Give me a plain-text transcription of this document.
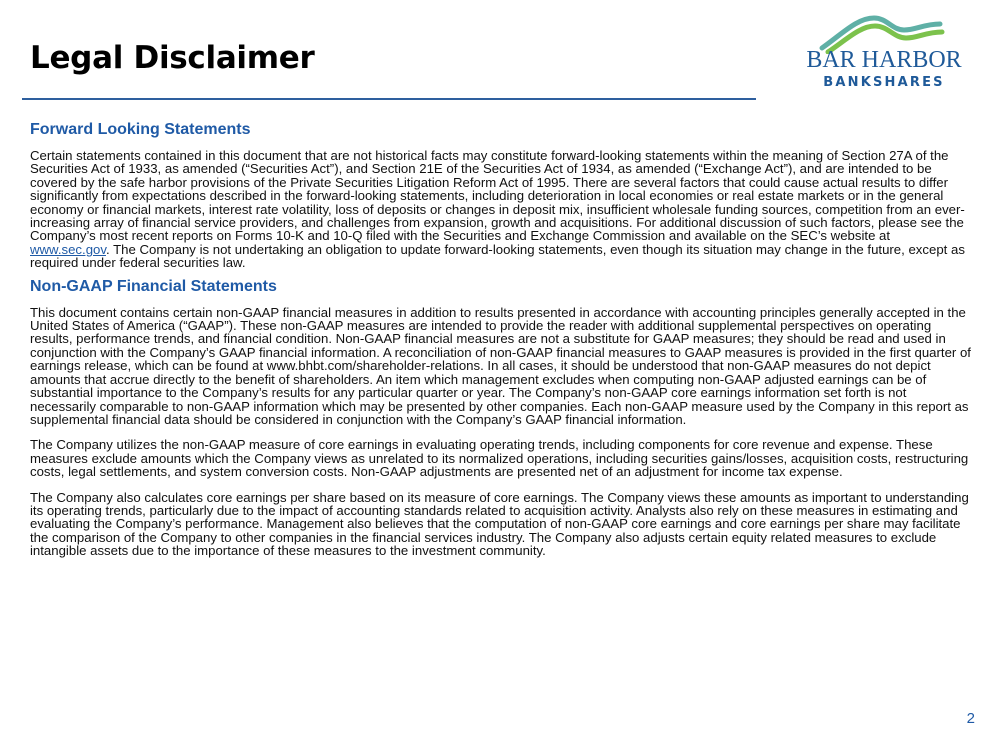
Legal Disclaimer	BAR HARBOR
BANKSHARES
Forward Looking Statements

Certain statements contained in this document that are not historical facts may constitute forward-looking statements within the meaning of Section 27A of the Securities Act of 1933, as amended (“Securities Act”), and Section 21E of the Securities Act of 1934, as amended (“Exchange Act”), and are intended to be covered by the safe harbor provisions of the Private Securities Litigation Reform Act of 1995. There are several factors that could cause actual results to differ significantly from expectations described in the forward-looking statements, including deterioration in local economies or real estate markets or in the general economy or financial markets, interest rate volatility, loss of deposits or changes in deposit mix, insufficient wholesale funding sources, competition from an ever-increasing array of financial service providers, and challenges from expansion, growth and acquisitions. For additional discussion of such factors, please see the Company’s most recent reports on Forms 10-K and 10-Q filed with the Securities and Exchange Commission and available on the SEC’s website at www.sec.gov. The Company is not undertaking an obligation to update forward-looking statements, even though its situation may change in the future, except as required under federal securities law.

Non-GAAP Financial Statements

This document contains certain non-GAAP financial measures in addition to results presented in accordance with accounting principles generally accepted in the United States of America (“GAAP”). These non-GAAP measures are intended to provide the reader with additional supplemental perspectives on operating results, performance trends, and financial condition. Non-GAAP financial measures are not a substitute for GAAP measures; they should be read and used in conjunction with the Company’s GAAP financial information. A reconciliation of non-GAAP financial measures to GAAP measures is provided in the first quarter of earnings release, which can be found at www.bhbt.com/shareholder-relations. In all cases, it should be understood that non-GAAP measures do not depict amounts that accrue directly to the benefit of shareholders. An item which management excludes when computing non-GAAP adjusted earnings can be of substantial importance to the Company’s results for any particular quarter or year. The Company’s non-GAAP core earnings information set forth is not necessarily comparable to non-GAAP information which may be presented by other companies. Each non-GAAP measure used by the Company in this report as supplemental financial data should be considered in conjunction with the Company’s GAAP financial information.

The Company utilizes the non-GAAP measure of core earnings in evaluating operating trends, including components for core revenue and expense. These measures exclude amounts which the Company views as unrelated to its normalized operations, including securities gains/losses, acquisition costs, restructuring costs, legal settlements, and system conversion costs. Non-GAAP adjustments are presented net of an adjustment for income tax expense.

The Company also calculates core earnings per share based on its measure of core earnings. The Company views these amounts as important to understanding its operating trends, particularly due to the impact of accounting standards related to acquisition activity. Analysts also rely on these measures in estimating and evaluating the Company’s performance. Management also believes that the computation of non-GAAP core earnings and core earnings per share may facilitate the comparison of the Company to other companies in the financial services industry. The Company also adjusts certain equity related measures to exclude intangible assets due to the importance of these measures to the investment community.

2
